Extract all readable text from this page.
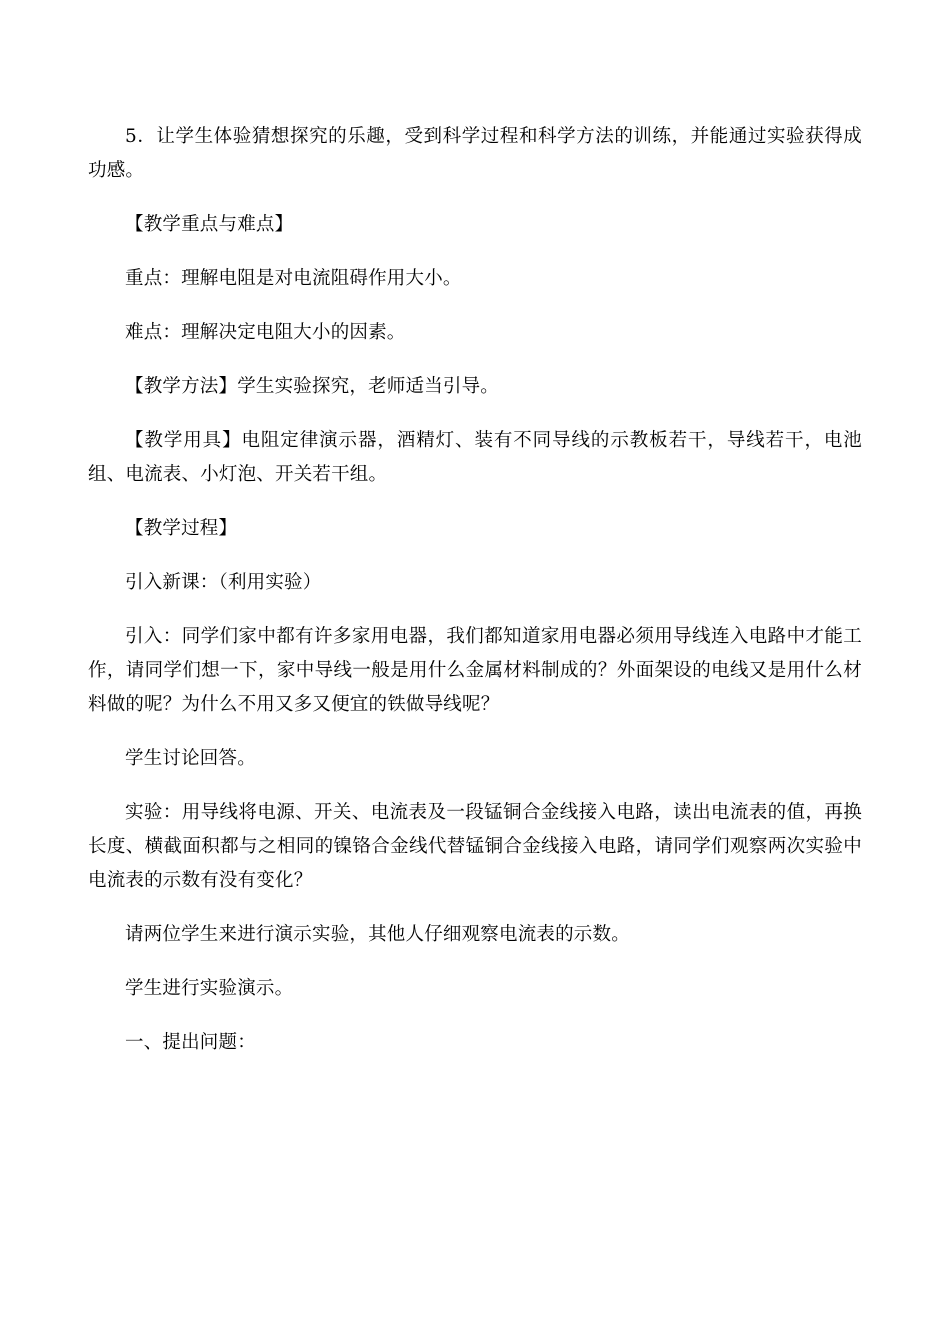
5．让学生体验猜想探究的乐趣，受到科学过程和科学方法的训练，并能通过实验获得成功感。

【教学重点与难点】

重点：理解电阻是对电流阻碍作用大小。

难点：理解决定电阻大小的因素。

【教学方法】学生实验探究，老师适当引导。

【教学用具】电阻定律演示器，酒精灯、装有不同导线的示教板若干，导线若干，电池组、电流表、小灯泡、开关若干组。

【教学过程】

引入新课：（利用实验）

引入：同学们家中都有许多家用电器，我们都知道家用电器必须用导线连入电路中才能工作，请同学们想一下，家中导线一般是用什么金属材料制成的？外面架设的电线又是用什么材料做的呢？为什么不用又多又便宜的铁做导线呢？

学生讨论回答。

实验：用导线将电源、开关、电流表及一段锰铜合金线接入电路，读出电流表的值，再换长度、横截面积都与之相同的镍铬合金线代替锰铜合金线接入电路，请同学们观察两次实验中电流表的示数有没有变化？

请两位学生来进行演示实验，其他人仔细观察电流表的示数。

学生进行实验演示。

一、提出问题：
